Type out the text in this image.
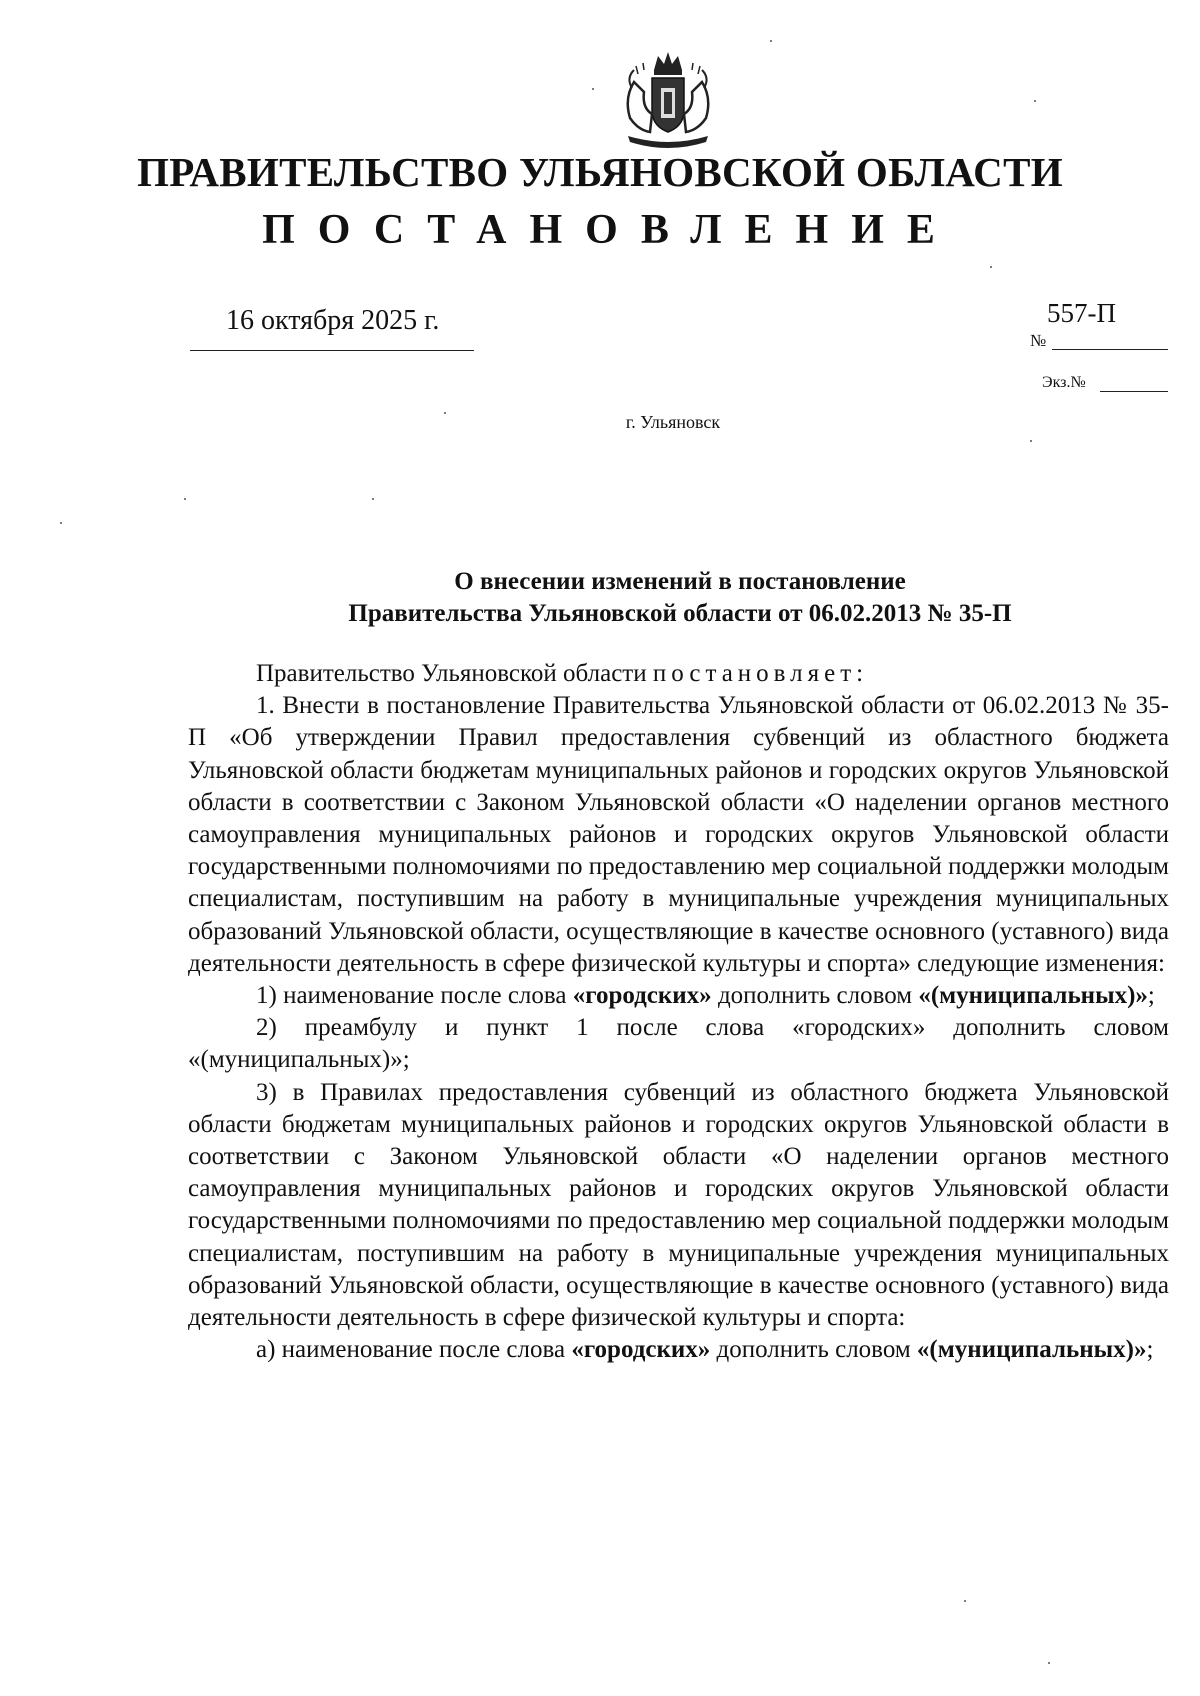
ПРАВИТЕЛЬСТВО УЛЬЯНОВСКОЙ ОБЛАСТИ
ПОСТАНОВЛЕНИЕ
16 октября 2025 г.	557-П
№
Экз.№
г. Ульяновск
О внесении изменений в постановление
Правительства Ульяновской области от 06.02.2013 № 35-П

Правительство Ульяновской области постановляет:

1. Внести в постановление Правительства Ульяновской области от 06.02.2013 № 35-П «Об утверждении Правил предоставления субвенций из областного бюджета Ульяновской области бюджетам муниципальных районов и городских округов Ульяновской области в соответствии с Законом Ульяновской области «О наделении органов местного самоуправления муниципальных районов и городских округов Ульяновской области государственными полномочиями по предоставлению мер социальной поддержки молодым специалистам, поступившим на работу в муниципальные учреждения муниципальных образований Ульяновской области, осуществляющие в качестве основного (уставного) вида деятельности деятельность в сфере физической культуры и спорта» следующие изменения:

1) наименование после слова «городских» дополнить словом «(муниципальных)»;

2) преамбулу и пункт 1 после слова «городских» дополнить словом «(муниципальных)»;

3) в Правилах предоставления субвенций из областного бюджета Ульяновской области бюджетам муниципальных районов и городских округов Ульяновской области в соответствии с Законом Ульяновской области «О наделении органов местного самоуправления муниципальных районов и городских округов Ульяновской области государственными полномочиями по предоставлению мер социальной поддержки молодым специалистам, поступившим на работу в муниципальные учреждения муниципальных образований Ульяновской области, осуществляющие в качестве основного (уставного) вида деятельности деятельность в сфере физической культуры и спорта:

а) наименование после слова «городских» дополнить словом «(муниципальных)»;
